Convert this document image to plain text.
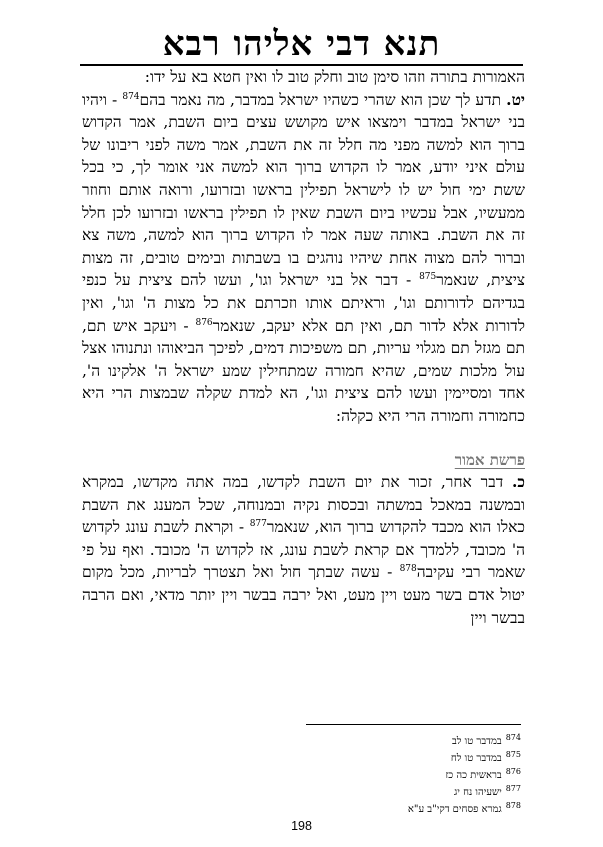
תנא דבי אליהו רבא

האמורות בתורה וזהו סימן טוב וחלק טוב לו ואין חטא בא על ידו:

יט. תדע לך שכן הוא שהרי כשהיו ישראל במדבר, מה נאמר בהם$^{874}$ - ויהיו בני ישראל במדבר וימצאו איש מקושש עצים ביום השבת, אמר הקדוש ברוך הוא למשה מפני מה חלל זה את השבת, אמר משה לפני ריבונו של עולם איני יודע, אמר לו הקדוש ברוך הוא למשה אני אומר לך, כי בכל ששת ימי חול יש לו לישראל תפילין בראשו ובזרועו, ורואה אותם וחוזר ממעשיו, אבל עכשיו ביום השבת שאין לו תפילין בראשו ובזרועו לכן חלל זה את השבת. באותה שעה אמר לו הקדוש ברוך הוא למשה, משה צא וברור להם מצוה אחת שיהיו נוהגים בו בשבתות ובימים טובים, זה מצות ציצית, שנאמר$^{875}$ - דבר אל בני ישראל וגו', ועשו להם ציצית על כנפי בגדיהם לדורותם וגו', וראיתם אותו וזכרתם את כל מצות ה' וגו', ואין לדורות אלא לדור תם, ואין תם אלא יעקב, שנאמר$^{876}$ - ויעקב איש תם, תם מגזל תם מגלוי עריות, תם משפיכות דמים, לפיכך הביאוהו ונתנוהו אצל עול מלכות שמים, שהיא חמורה שמתחילין שמע ישראל ה' אלקינו ה', אחד ומסיימין ועשו להם ציצית וגו', הא למדת שקלה שבמצות הרי היא כחמורה וחמורה הרי היא כקלה:

פרשת אמור

כ. דבר אחר, זכור את יום השבת לקדשו, במה אתה מקדשו, במקרא ובמשנה במאכל במשתה ובכסות נקיה ובמנוחה, שכל המענג את השבת כאלו הוא מכבד להקדוש ברוך הוא, שנאמר$^{877}$ - וקראת לשבת עונג לקדוש ה' מכובד, ללמדך אם קראת לשבת עונג, אז לקדוש ה' מכובד. ואף על פי שאמר רבי עקיבה$^{878}$ - עשה שבתך חול ואל תצטרך לבריות, מכל מקום יטול אדם בשר מעט ויין מעט, ואל ירבה בבשר ויין יותר מדאי, ואם הרבה בבשר ויין

$^{874}$במדבר טו לב
$^{875}$במדבר טו לח
$^{876}$בראשית כה כז
$^{877}$ישעיהו נח יג
$^{878}$גמרא פסחים דקי"ב ע"א
198
